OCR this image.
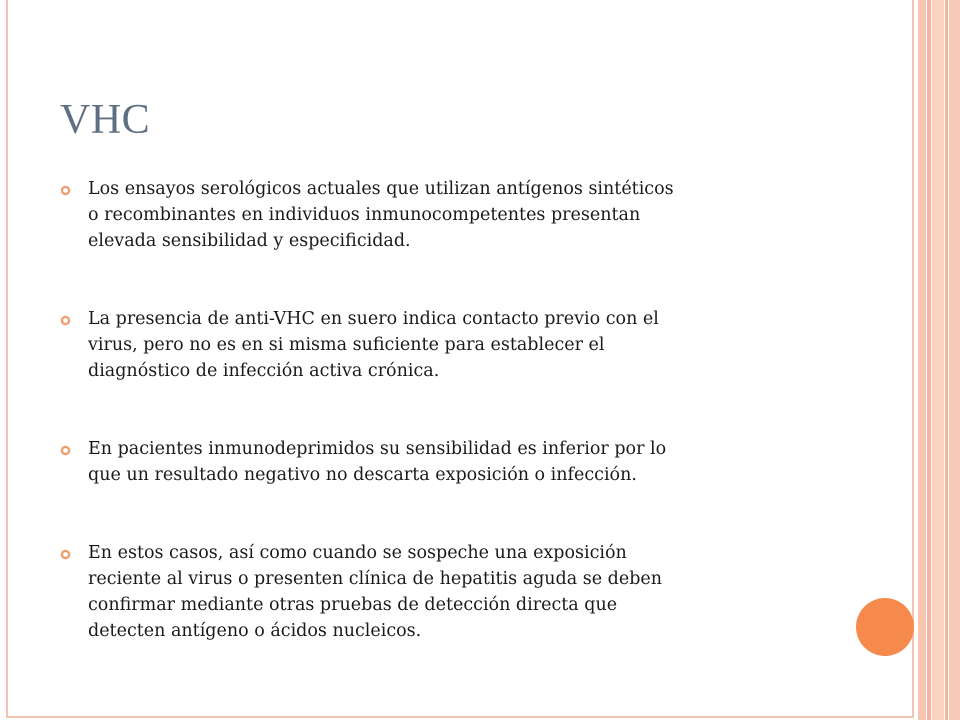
VHC
Los ensayos serológicos actuales que utilizan antígenos sintéticos
o recombinantes en individuos inmunocompetentes presentan
elevada sensibilidad y especificidad.
La presencia de anti-VHC en suero indica contacto previo con el
virus, pero no es en si misma suficiente para establecer el
diagnóstico de infección activa crónica.
En pacientes inmunodeprimidos su sensibilidad es inferior por lo
que un resultado negativo no descarta exposición o infección.
En estos casos, así como cuando se sospeche una exposición
reciente al virus o presenten clínica de hepatitis aguda se deben
confirmar mediante otras pruebas de detección directa que
detecten antígeno o ácidos nucleicos.
